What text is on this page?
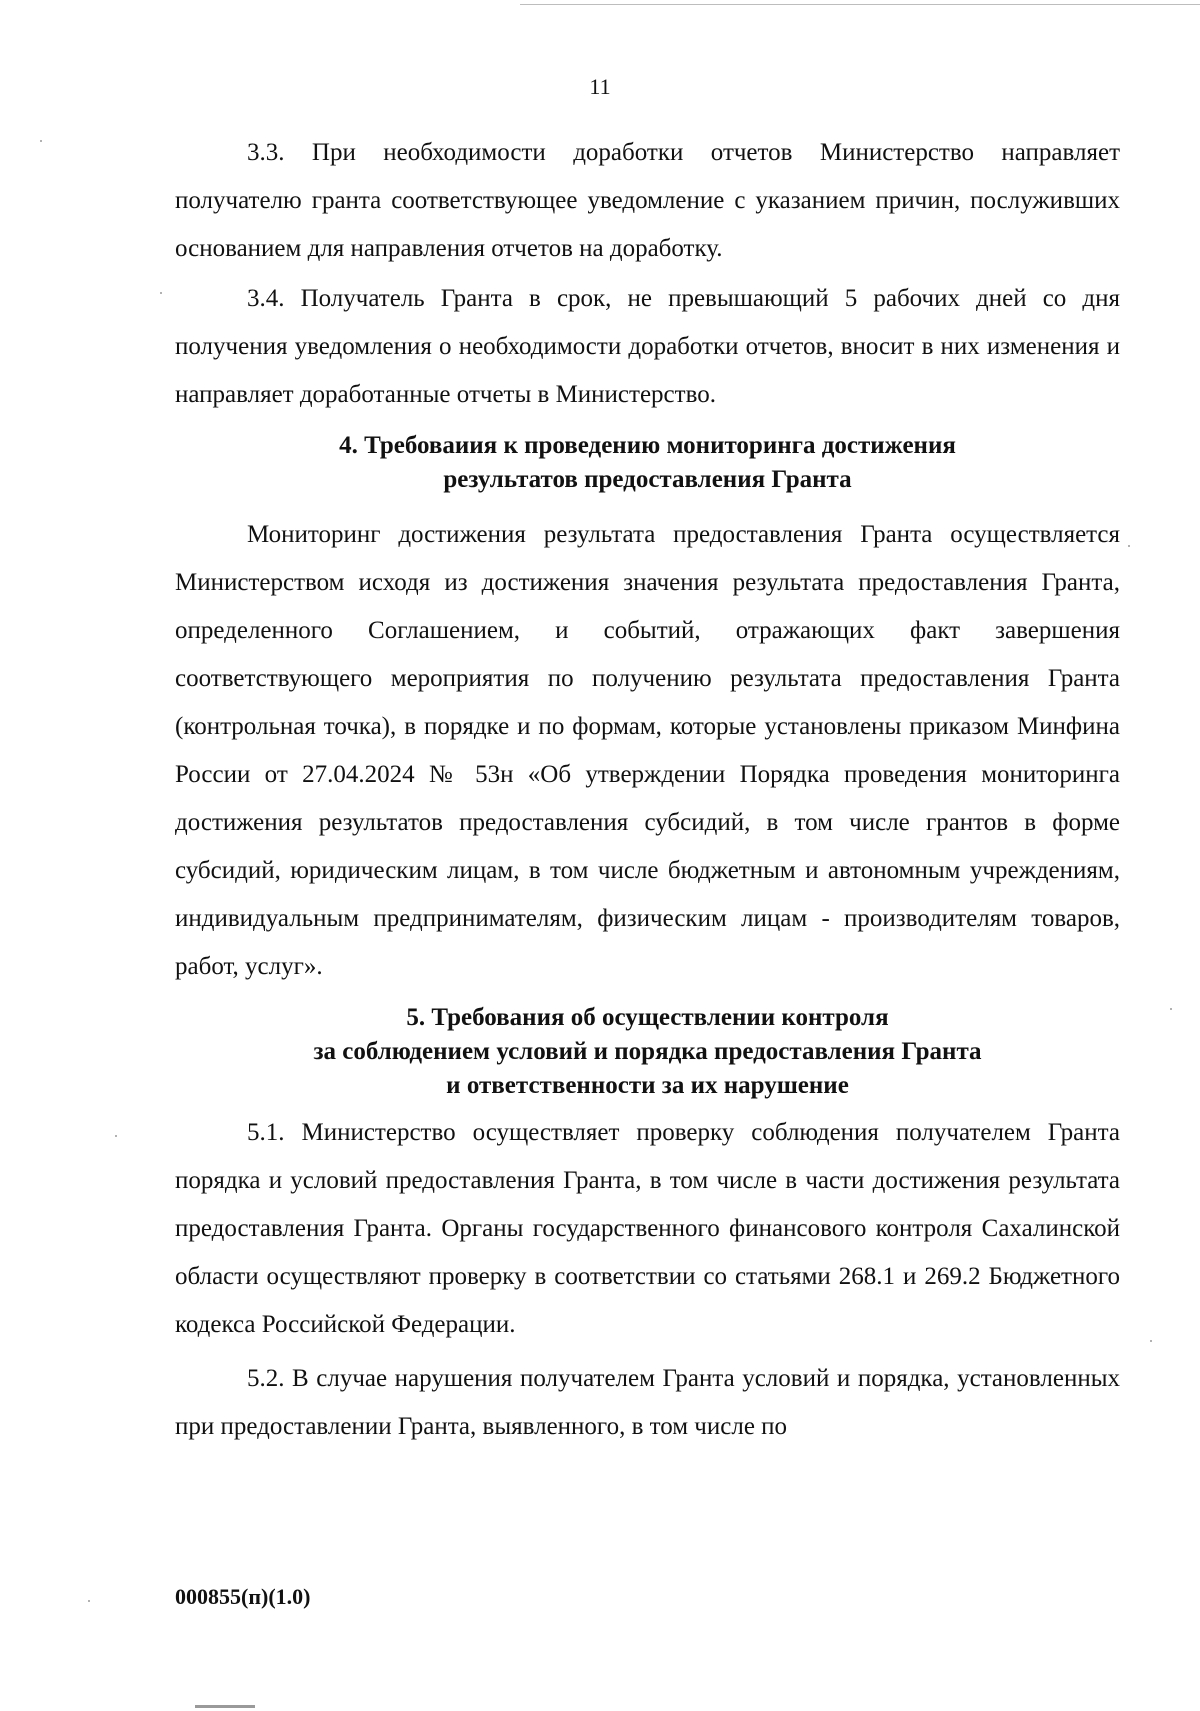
11

3.3. При необходимости доработки отчетов Министерство направляет получателю гранта соответствующее уведомление с указанием причин, послуживших основанием для направления отчетов на доработку.

3.4. Получатель Гранта в срок, не превышающий 5 рабочих дней со дня получения уведомления о необходимости доработки отчетов, вносит в них изменения и направляет доработанные отчеты в Министерство.

4. Требоваиия к проведению мониторинга достижения
результатов предоставления Гранта

Мониторинг достижения результата предоставления Гранта осуществляется Министерством исходя из достижения значения результата предоставления Гранта, определенного Соглашением, и событий, отражающих факт завершения соответствующего мероприятия по получению результата предоставления Гранта (контрольная точка), в порядке и по формам, которые установлены приказом Минфина России от 27.04.2024 № 53н «Об утверждении Порядка проведения мониторинга достижения результатов предоставления субсидий, в том числе грантов в форме субсидий, юридическим лицам, в том числе бюджетным и автономным учреждениям, индивидуальным предпринимателям, физическим лицам - производителям товаров, работ, услуг».

5. Требования об осуществлении контроля
за соблюдением условий и порядка предоставления Гранта
и ответственности за их нарушение

5.1. Министерство осуществляет проверку соблюдения получателем Гранта порядка и условий предоставления Гранта, в том числе в части достижения результата предоставления Гранта. Органы государственного финансового контроля Сахалинской области осуществляют проверку в соответствии со статьями 268.1 и 269.2 Бюджетного кодекса Российской Федерации.

5.2. В случае нарушения получателем Гранта условий и порядка, установленных при предоставлении Гранта, выявленного, в том числе по

000855(п)(1.0)
